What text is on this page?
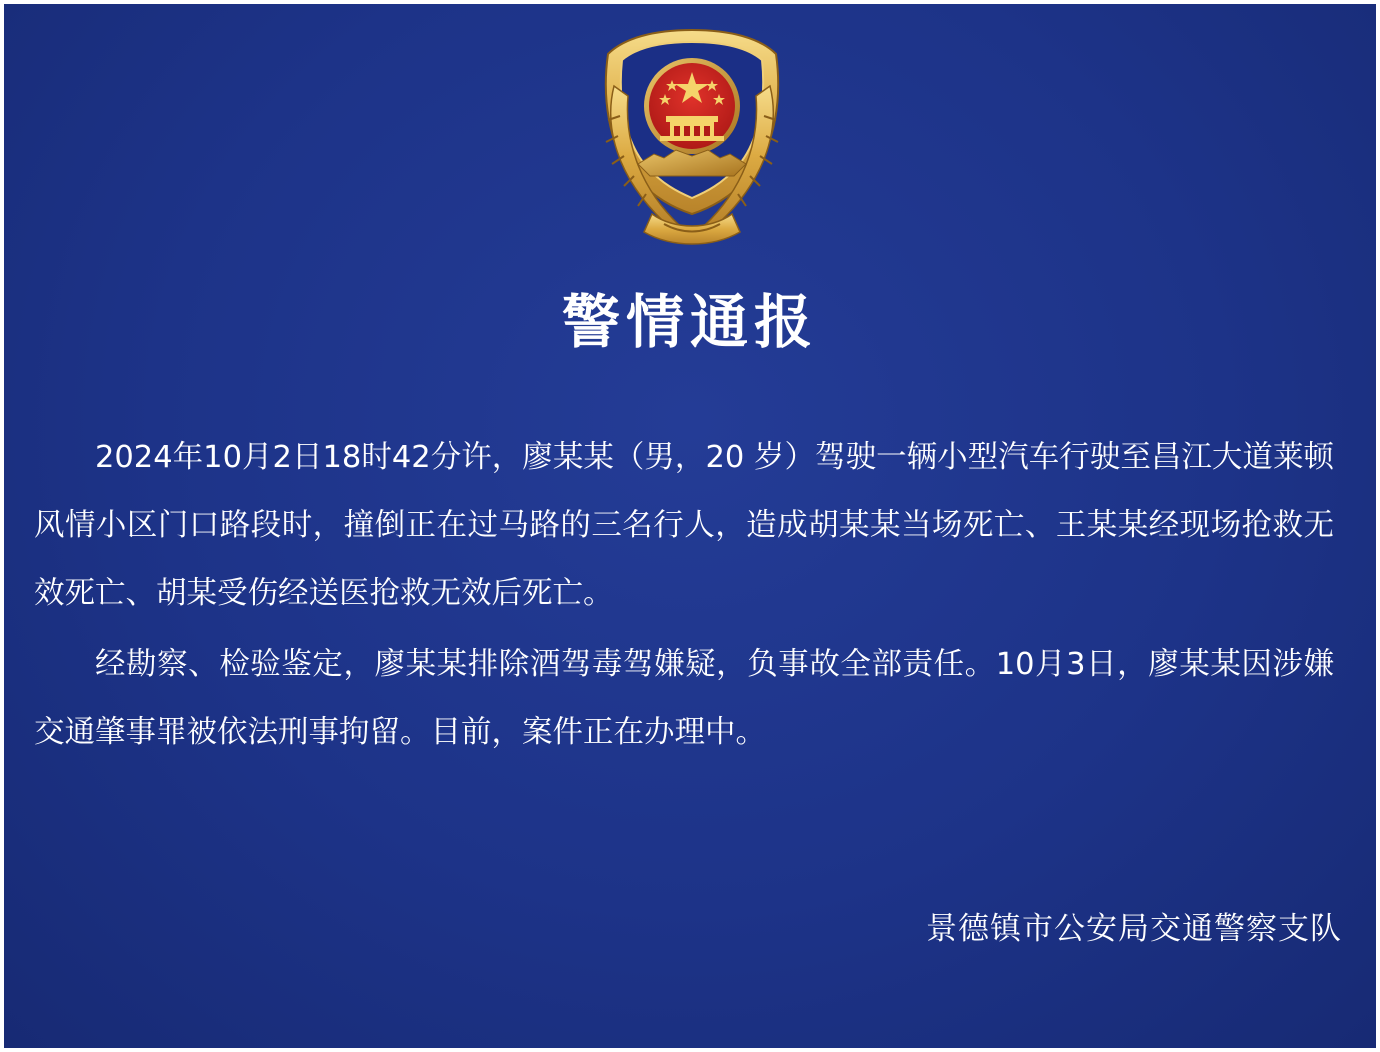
警情通报

2024年10月2日18时42分许，廖某某（男，20 岁）驾驶一辆小型汽车行驶至昌江大道莱顿风情小区门口路段时，撞倒正在过马路的三名行人，造成胡某某当场死亡、王某某经现场抢救无效死亡、胡某受伤经送医抢救无效后死亡。

经勘察、检验鉴定，廖某某排除酒驾毒驾嫌疑，负事故全部责任。10月3日，廖某某因涉嫌交通肇事罪被依法刑事拘留。目前，案件正在办理中。

景德镇市公安局交通警察支队
